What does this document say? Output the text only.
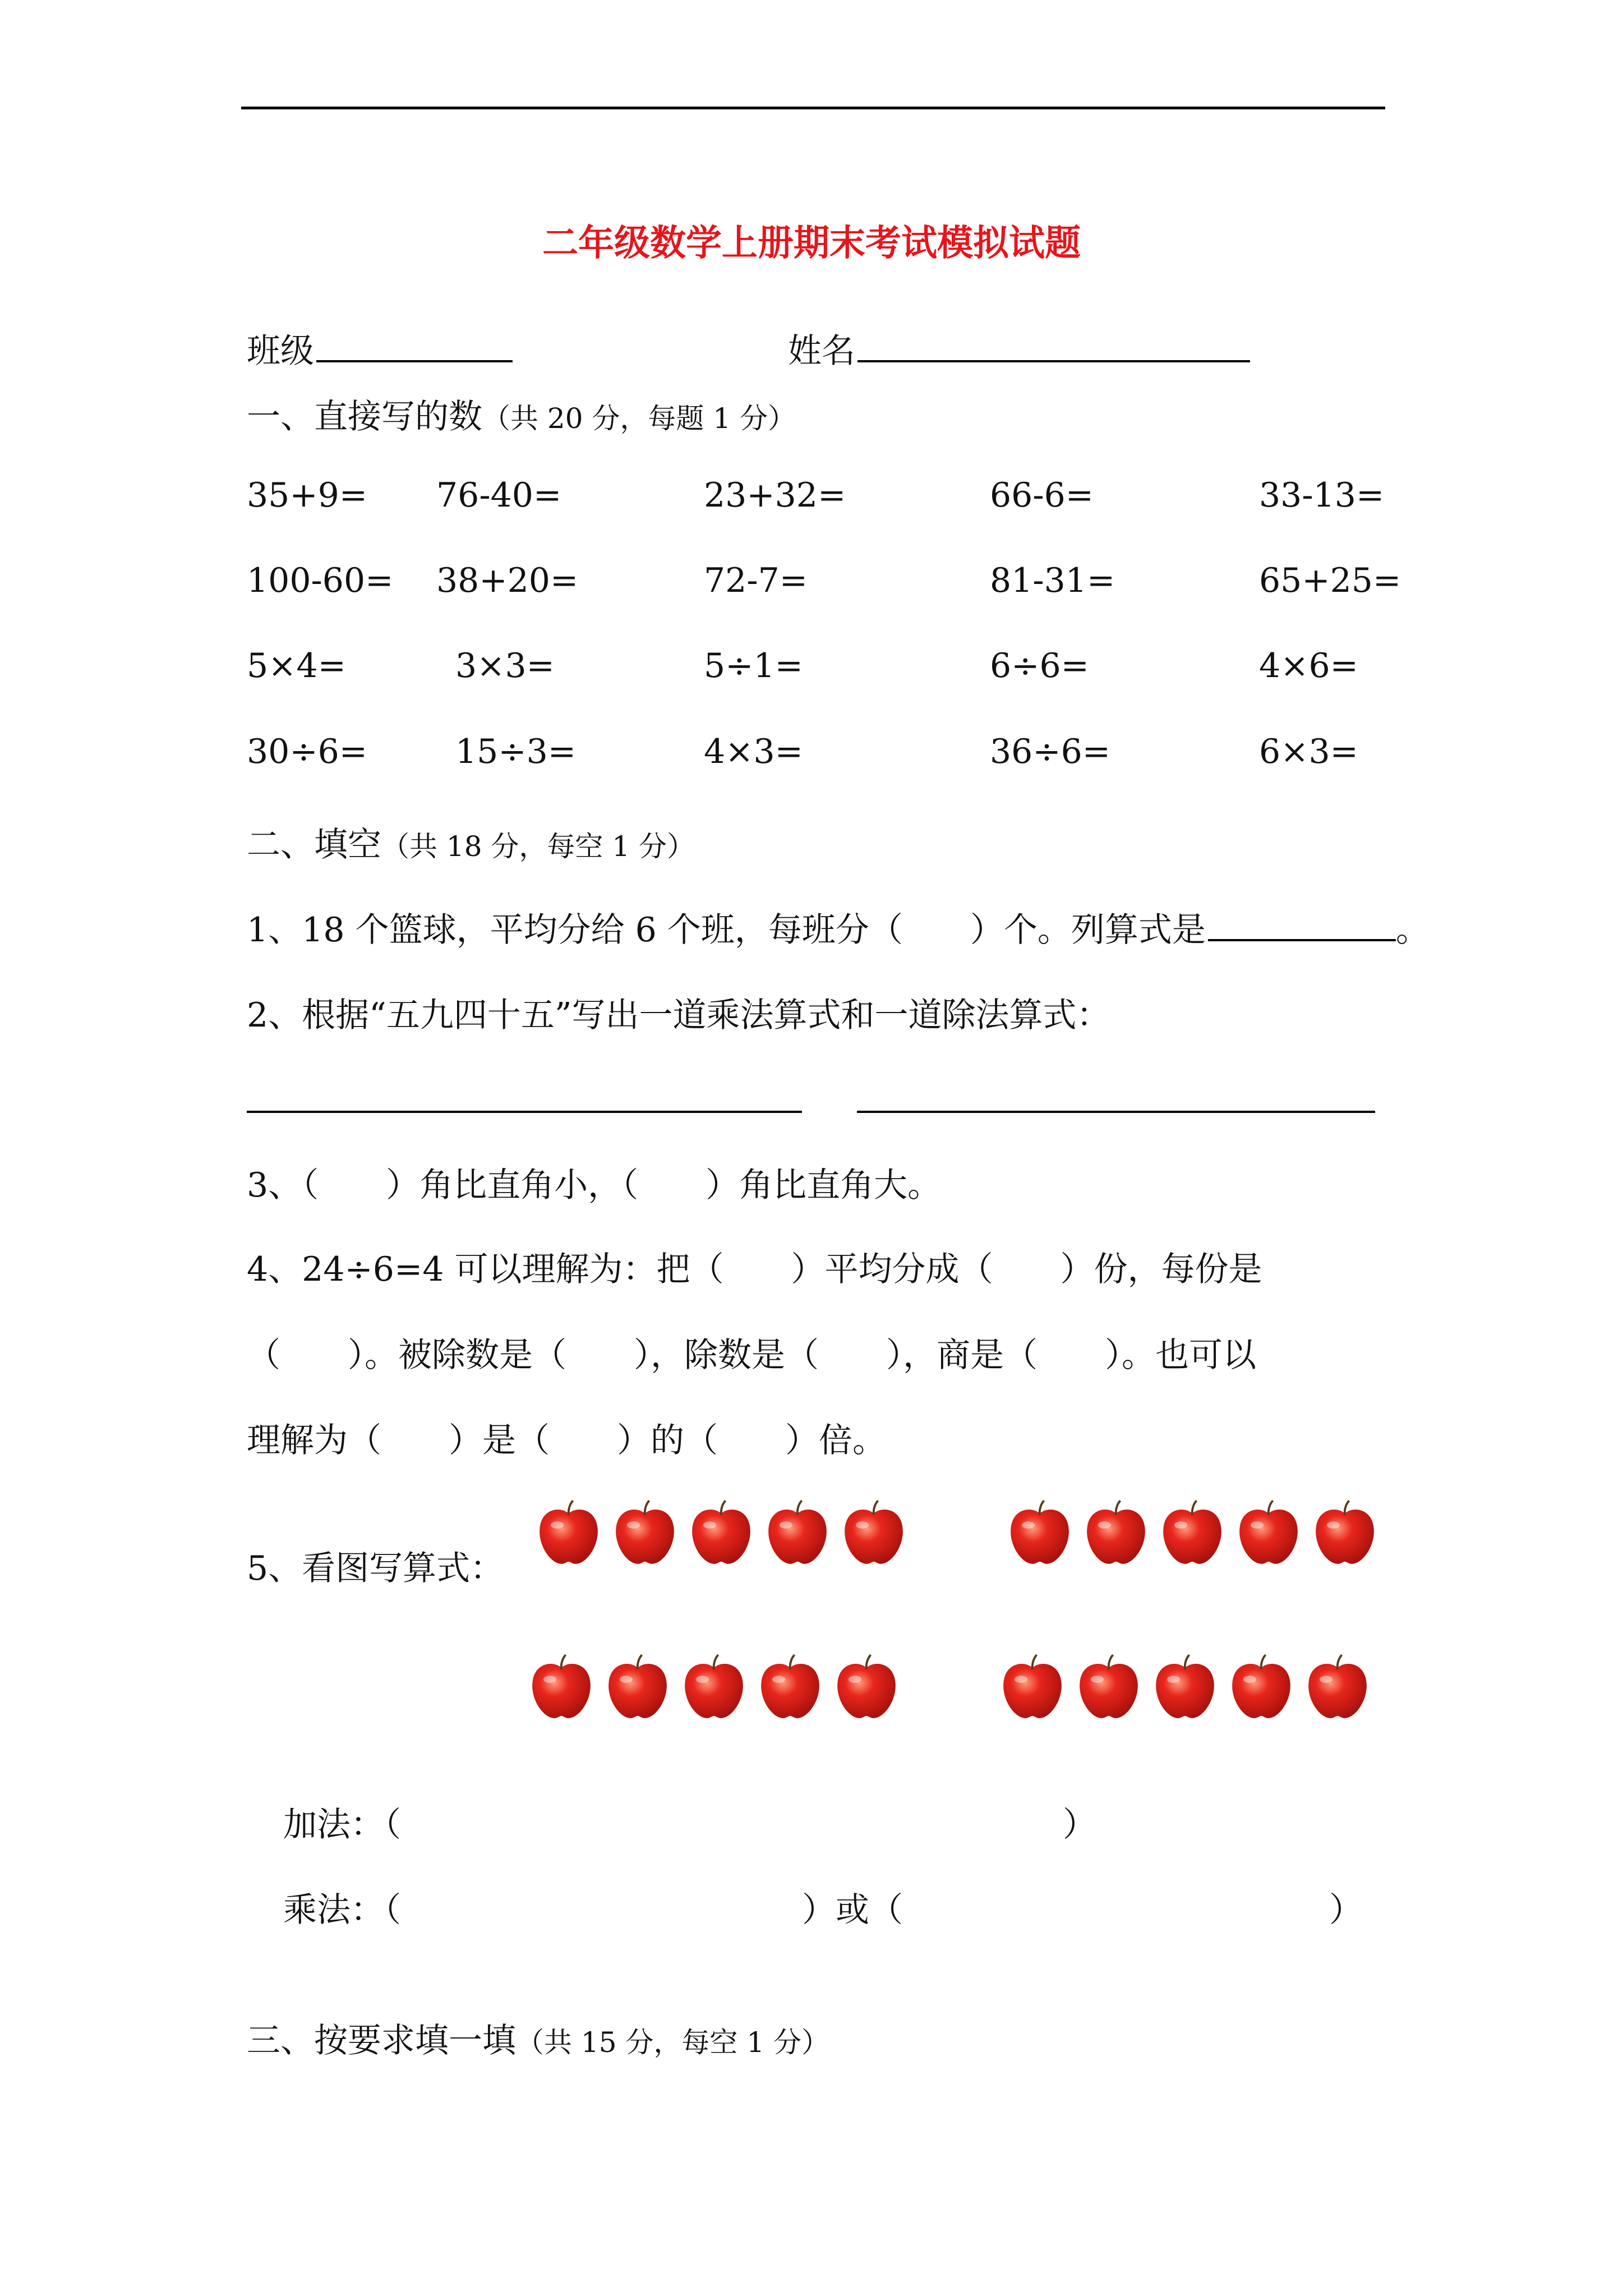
二年级数学上册期末考试模拟试题
班级	姓名
一、直接写的数（共 20 分，每题 1 分）
35+9= 76-40=	23+32=	66-6=	33-13=
100-60= 38+20=	72-7=	81-31=	65+25=
5×4=	3×3=	5÷1=	6÷6=	4×6=
30÷6=	15÷3=	4×3=	36÷6=	6×3=
二、填空（共 18 分，每空 1 分）
1、18 个篮球，平均分给 6 个班，每班分（　　）个。列算式是	。
2、根据“五九四十五”写出一道乘法算式和一道除法算式：
3、（　　）角比直角小，（　　）角比直角大。
4、24÷6=4 可以理解为：把（　　）平均分成（　　）份，每份是
（　　）。被除数是（　　），除数是（　　），商是（　　）。也可以
理解为（　　）是（　　）的（　　）倍。
5、看图写算式：
加法：（	）
乘法：（	）或（	）
三、按要求填一填（共 15 分，每空 1 分）
